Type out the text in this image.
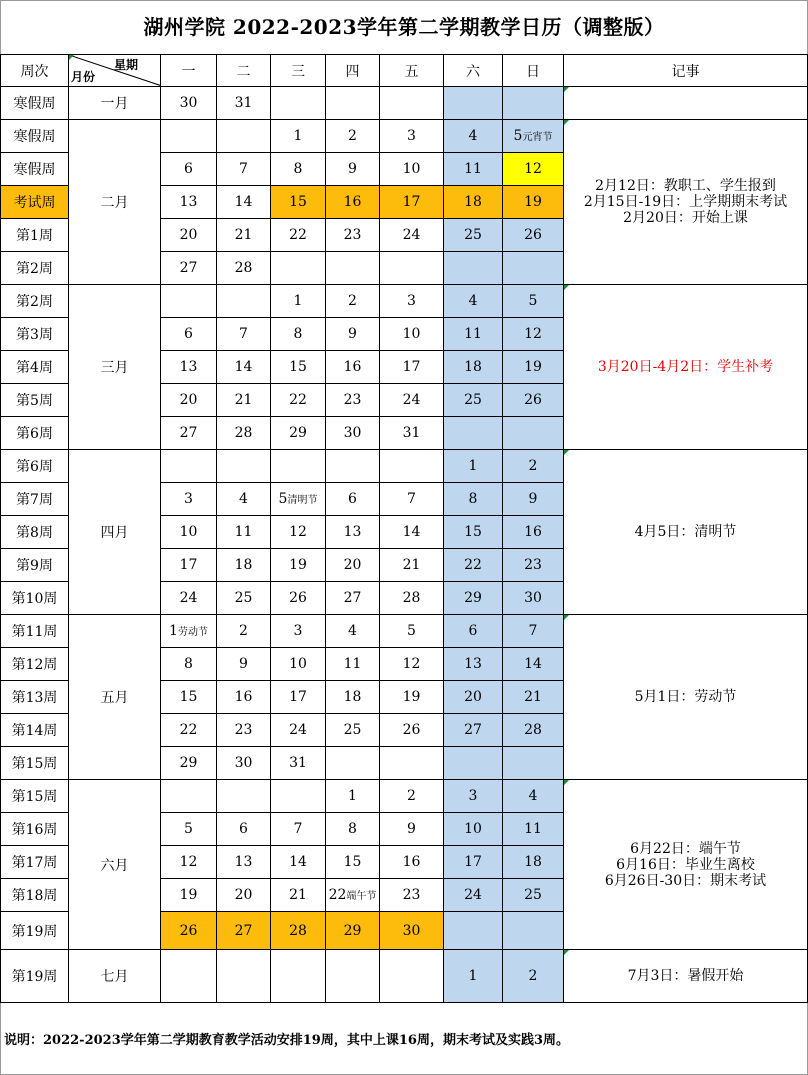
湖州学院 2022-2023学年第二学期教学日历（调整版）
周次	星期
月份	一	二	三	四	五	六	日	记事
寒假周	一月	30	31						

寒假周	二月			1	2	3	4	5元宵节	2月12日：教职工、学生报到
2月15日-19日：上学期期末考试
2月20日：开始上课

寒假周		6	7	8	9	10	11	12	
考试周		13	14	15	16	17	18	19	
第1周		20	21	22	23	24	25	26	
第2周		27	28						
第2周	三月			1	2	3	4	5	3月20日-4月2日：学生补考

第3周		6	7	8	9	10	11	12	
第4周		13	14	15	16	17	18	19	
第5周		20	21	22	23	24	25	26	
第6周		27	28	29	30	31			
第6周	四月						1	2	4月5日：清明节

第7周		3	4	5清明节	6	7	8	9	
第8周		10	11	12	13	14	15	16	
第9周		17	18	19	20	21	22	23	
第10周		24	25	26	27	28	29	30	
第11周	五月	1劳动节	2	3	4	5	6	7	5月1日：劳动节

第12周		8	9	10	11	12	13	14	
第13周		15	16	17	18	19	20	21	
第14周		22	23	24	25	26	27	28	
第15周		29	30	31					
第15周	六月				1	2	3	4	6月22日：端午节
6月16日：毕业生离校
6月26日-30日：期末考试

第16周		5	6	7	8	9	10	11	
第17周		12	13	14	15	16	17	18	
第18周		19	20	21	22端午节	23	24	25	
第19周		26	27	28	29	30			
第19周	七月						1	2	7月3日：暑假开始
说明：2022-2023学年第二学期教育教学活动安排19周，其中上课16周，期末考试及实践3周。
